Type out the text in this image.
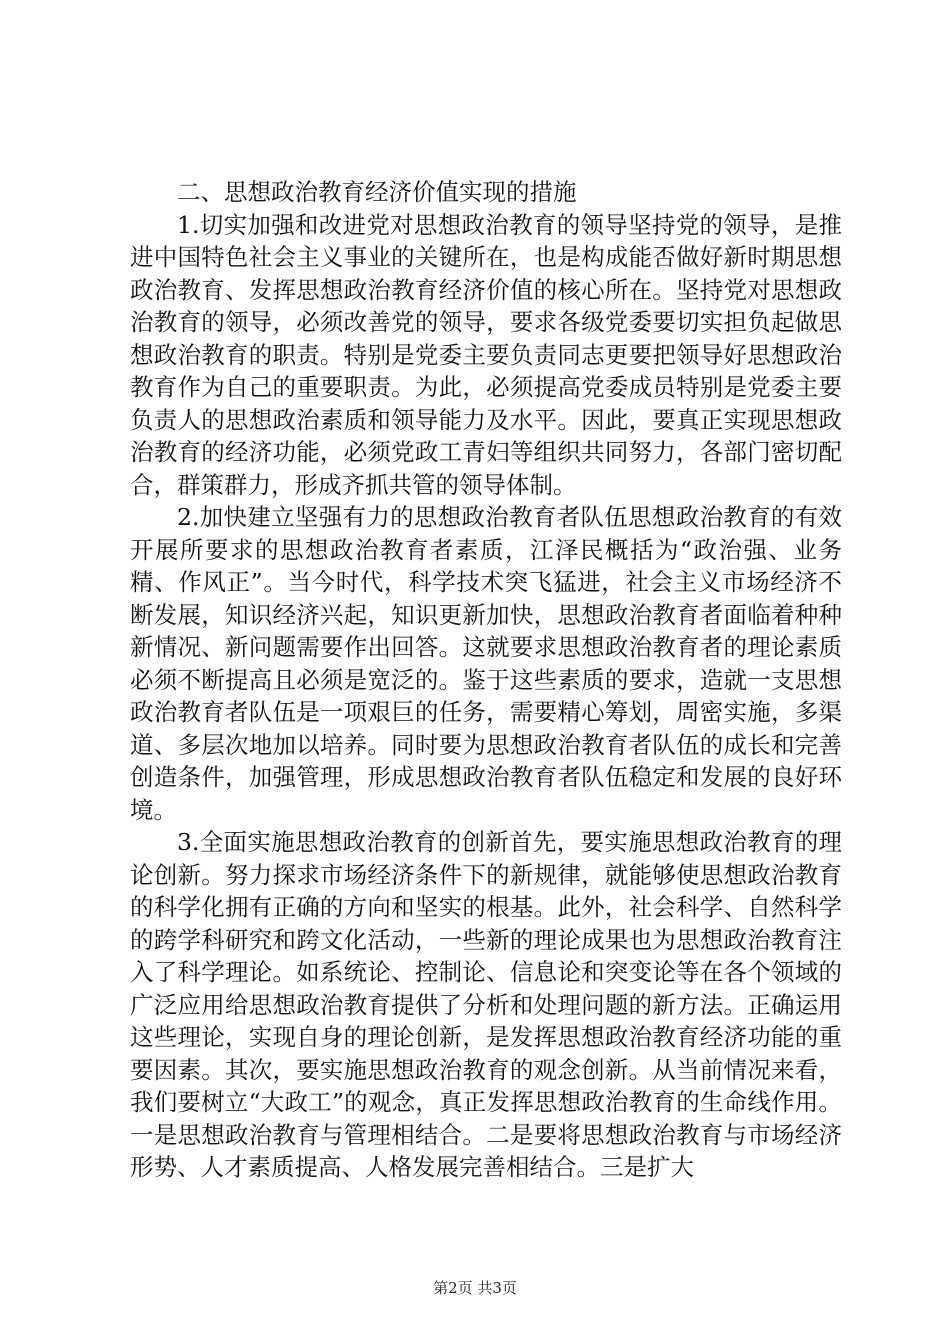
二、思想政治教育经济价值实现的措施

1.切实加强和改进党对思想政治教育的领导坚持党的领导，是推进中国特色社会主义事业的关键所在，也是构成能否做好新时期思想政治教育、发挥思想政治教育经济价值的核心所在。坚持党对思想政治教育的领导，必须改善党的领导，要求各级党委要切实担负起做思想政治教育的职责。特别是党委主要负责同志更要把领导好思想政治教育作为自己的重要职责。为此，必须提高党委成员特别是党委主要负责人的思想政治素质和领导能力及水平。因此，要真正实现思想政治教育的经济功能，必须党政工青妇等组织共同努力，各部门密切配合，群策群力，形成齐抓共管的领导体制。

2.加快建立坚强有力的思想政治教育者队伍思想政治教育的有效开展所要求的思想政治教育者素质，江泽民概括为“政治强、业务精、作风正”。当今时代，科学技术突飞猛进，社会主义市场经济不断发展，知识经济兴起，知识更新加快，思想政治教育者面临着种种新情况、新问题需要作出回答。这就要求思想政治教育者的理论素质必须不断提高且必须是宽泛的。鉴于这些素质的要求，造就一支思想政治教育者队伍是一项艰巨的任务，需要精心筹划，周密实施，多渠道、多层次地加以培养。同时要为思想政治教育者队伍的成长和完善创造条件，加强管理，形成思想政治教育者队伍稳定和发展的良好环境。

3.全面实施思想政治教育的创新首先，要实施思想政治教育的理论创新。努力探求市场经济条件下的新规律，就能够使思想政治教育的科学化拥有正确的方向和坚实的根基。此外，社会科学、自然科学的跨学科研究和跨文化活动，一些新的理论成果也为思想政治教育注入了科学理论。如系统论、控制论、信息论和突变论等在各个领域的广泛应用给思想政治教育提供了分析和处理问题的新方法。正确运用这些理论，实现自身的理论创新，是发挥思想政治教育经济功能的重要因素。其次，要实施思想政治教育的观念创新。从当前情况来看，我们要树立“大政工”的观念，真正发挥思想政治教育的生命线作用。一是思想政治教育与管理相结合。二是要将思想政治教育与市场经济形势、人才素质提高、人格发展完善相结合。三是扩大

第2页 共3页
